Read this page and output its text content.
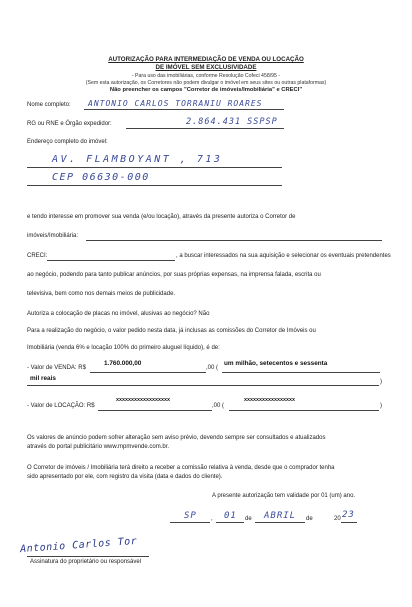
AUTORIZAÇÃO PARA INTERMEDIAÇÃO DE VENDA OU LOCAÇÃO
DE IMÓVEL SEM EXCLUSIVIDADE
- Para uso das imobiliárias, conforme Resolução Cofeci 458/95 -
(Sem esta autorização, os Corretores não podem divulgar o imóvel em seus sites ou outras plataformas)
Não preencher os campos "Corretor de imóveis/Imobiliária" e CRECI"
Nome completo: ANTONIO CARLOS TORRANIU ROARES
RG ou RNE e Órgão expedidor:	2.864.431 SSPSP
Endereço completo do imóvel:
AV. FLAMBOYANT , 713
CEP 06630-000
e tendo interesse em promover sua venda (e/ou locação), através da presente autoriza o Corretor de
imóveis/Imobiliária:
CRECI:	, a buscar interessados na sua aquisição e selecionar os eventuais pretendentes
ao negócio, podendo para tanto publicar anúncios, por suas próprias expensas, na imprensa falada, escrita ou
televisiva, bem como nos demais meios de publicidade.
Autoriza a colocação de placas no imóvel, alusivas ao negócio? Não
Para a realização do negócio, o valor pedido nesta data, já inclusas as comissões do Corretor de Imóveis ou
Imobiliária (venda 6% e locação 100% do primeiro aluguel líquido), é de:
- Valor de VENDA: R$
1.760.000,00
,00 (
um milhão, setecentos e sessenta
mil reais	)
- Valor de LOCAÇÃO: R$
xxxxxxxxxxxxxxxxxx
,00 (
xxxxxxxxxxxxxxxxx
)
Os valores de anúncio podem sofrer alteração sem aviso prévio, devendo sempre ser consultados e atualizados
através do portal publicitário www.mpmvende.com.br.
O Corretor de imóveis / Imobiliária terá direito a receber a comissão relativa à venda, desde que o comprador tenha
sido apresentado por ele, com registro da visita (data e dados do cliente).
A presente autorização tem validade por 01 (um) ano.
SP , 01 de ABRIL de	20 23
Antonio Carlos Tor
Assinatura do proprietário ou responsável
